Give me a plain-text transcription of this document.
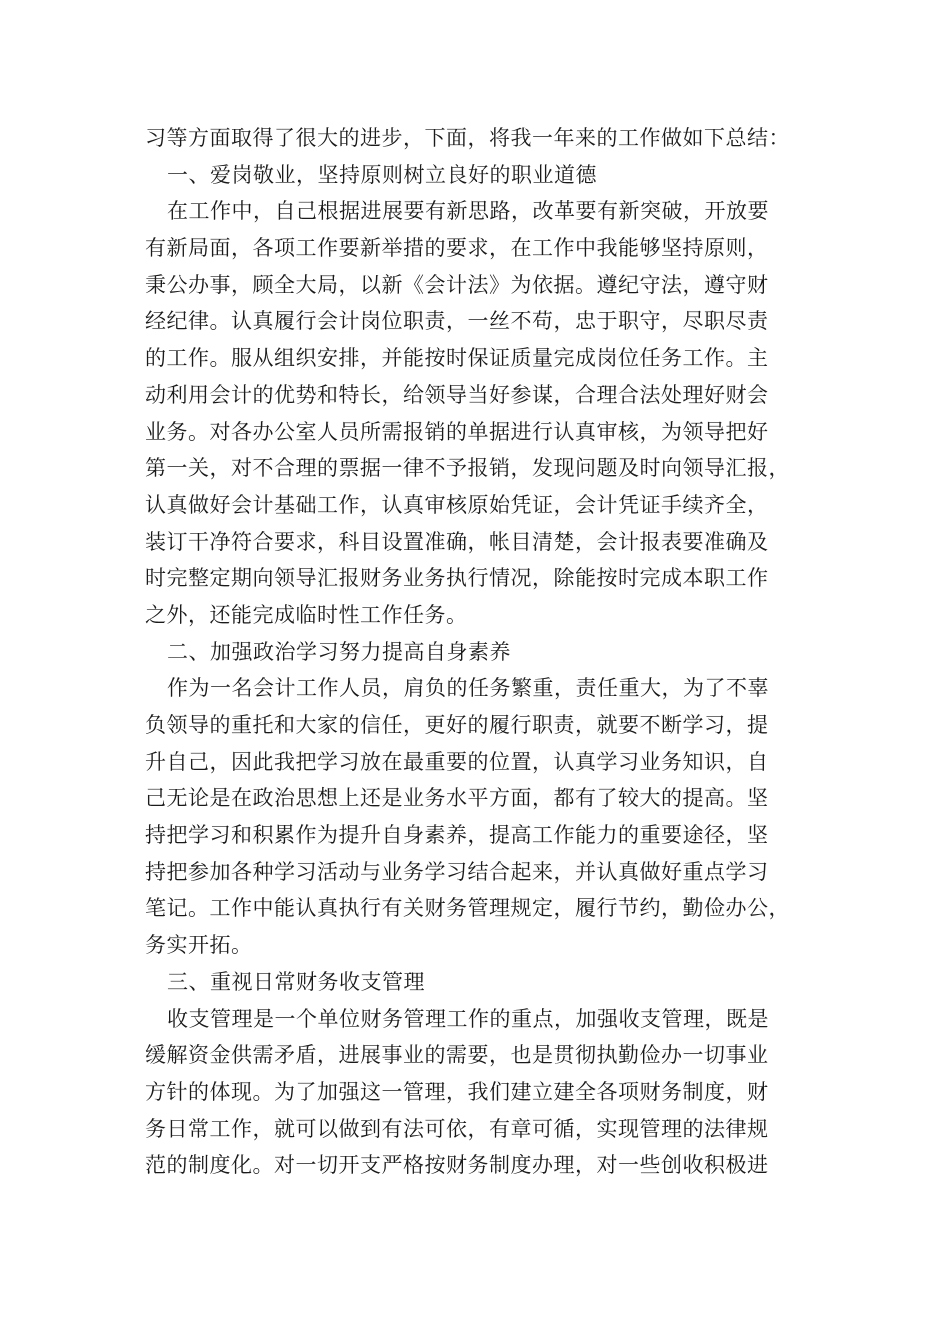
习等方面取得了很大的进步，下面，将我一年来的工作做如下总结：
一、爱岗敬业，坚持原则树立良好的职业道德
在工作中，自己根据进展要有新思路，改革要有新突破，开放要
有新局面，各项工作要新举措的要求，在工作中我能够坚持原则，
秉公办事，顾全大局，以新《会计法》为依据。遵纪守法，遵守财
经纪律。认真履行会计岗位职责，一丝不苟，忠于职守，尽职尽责
的工作。服从组织安排，并能按时保证质量完成岗位任务工作。主
动利用会计的优势和特长，给领导当好参谋，合理合法处理好财会
业务。对各办公室人员所需报销的单据进行认真审核，为领导把好
第一关，对不合理的票据一律不予报销，发现问题及时向领导汇报，
认真做好会计基础工作，认真审核原始凭证，会计凭证手续齐全，
装订干净符合要求，科目设置准确，帐目清楚，会计报表要准确及
时完整定期向领导汇报财务业务执行情况，除能按时完成本职工作
之外，还能完成临时性工作任务。
二、加强政治学习努力提高自身素养
作为一名会计工作人员，肩负的任务繁重，责任重大，为了不辜
负领导的重托和大家的信任，更好的履行职责，就要不断学习，提
升自己，因此我把学习放在最重要的位置，认真学习业务知识，自
己无论是在政治思想上还是业务水平方面，都有了较大的提高。坚
持把学习和积累作为提升自身素养，提高工作能力的重要途径，坚
持把参加各种学习活动与业务学习结合起来，并认真做好重点学习
笔记。工作中能认真执行有关财务管理规定，履行节约，勤俭办公，
务实开拓。
三、重视日常财务收支管理
收支管理是一个单位财务管理工作的重点，加强收支管理，既是
缓解资金供需矛盾，进展事业的需要，也是贯彻执勤俭办一切事业
方针的体现。为了加强这一管理，我们建立建全各项财务制度，财
务日常工作，就可以做到有法可依，有章可循，实现管理的法律规
范的制度化。对一切开支严格按财务制度办理，对一些创收积极进
